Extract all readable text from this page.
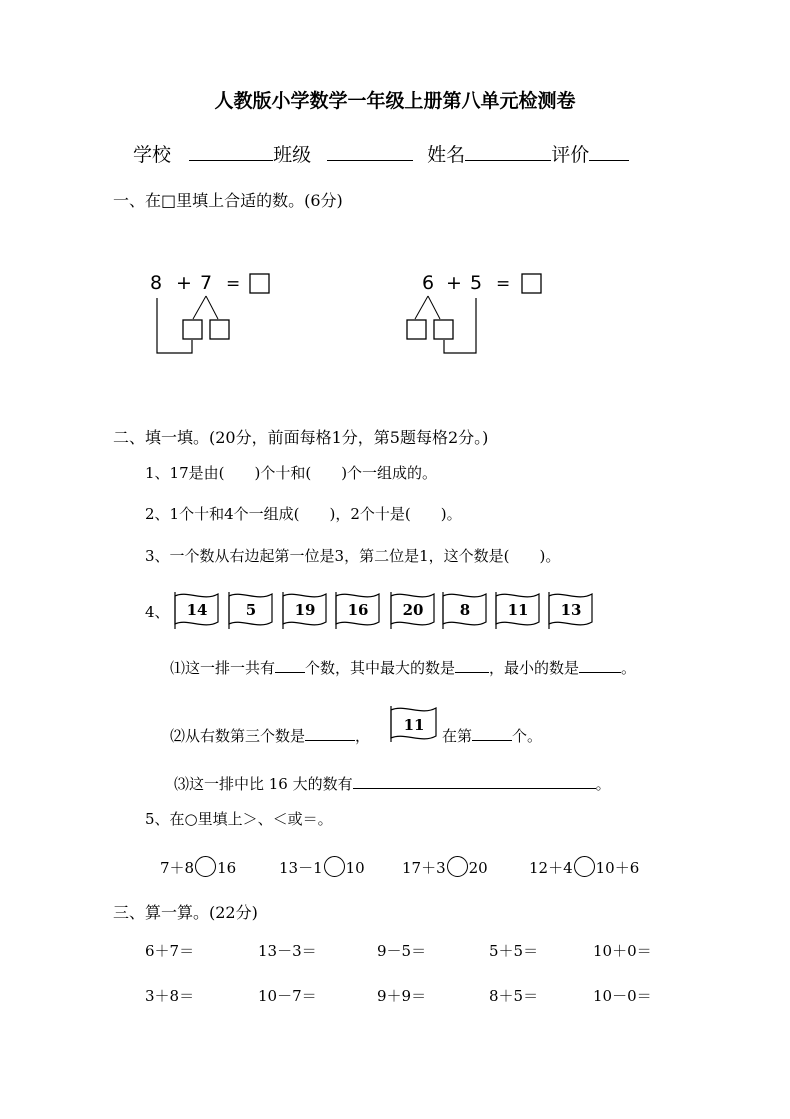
人教版小学数学一年级上册第八单元检测卷
学校	班级	姓名	评价
一、在□里填上合适的数。(6分)
8 + 7 =	6 + 5 =
二、填一填。(20分，前面每格1分，第5题每格2分。)
1、17是由(　　)个十和(　　)个一组成的。
2、1个十和4个一组成(　　)，2个十是(　　)。
3、一个数从右边起第一位是3，第二位是1，这个数是(　　)。
4、 14	5	19 16 20 8 11 13
⑴这一排一共有 个数，其中最大的数是 ，最小的数是	。
⑵从右数第三个数是	，
11
在第	个。
⑶这一排中比 16 大的数有	。
5、在○里填上＞、＜或＝。
7＋8 16	13－1 10 17＋3 20	12＋4 10＋6
三、算一算。(22分)
6＋7＝	13－3＝	9－5＝	5＋5＝	10＋0＝
3＋8＝	10－7＝	9＋9＝	8＋5＝	10－0＝
